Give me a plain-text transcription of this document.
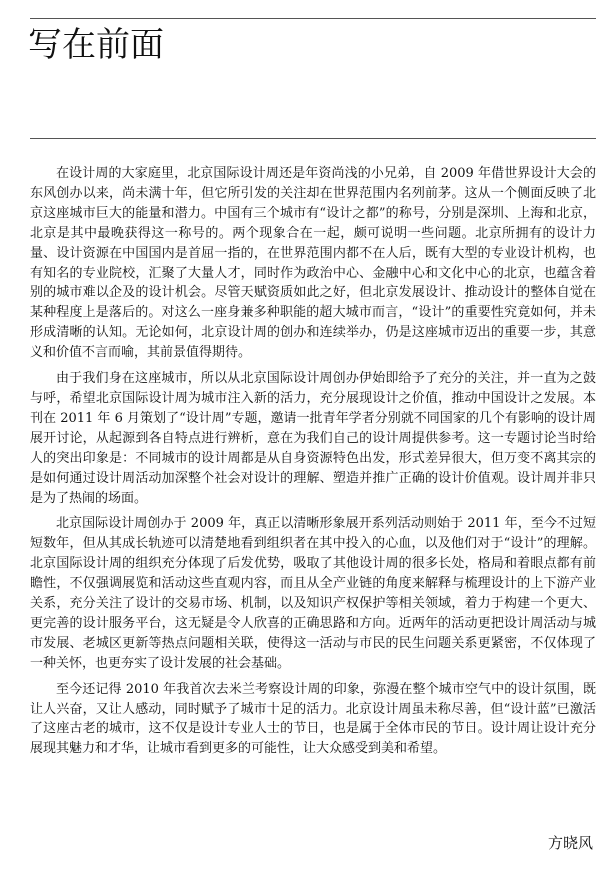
写在前面

在设计周的大家庭里，北京国际设计周还是年资尚浅的小兄弟，自 2009 年借世界设计大会的东风创办以来，尚未满十年，但它所引发的关注却在世界范围内名列前茅。这从一个侧面反映了北京这座城市巨大的能量和潜力。中国有三个城市有“设计之都”的称号，分别是深圳、上海和北京，北京是其中最晚获得这一称号的。两个现象合在一起，颇可说明一些问题。北京所拥有的设计力量、设计资源在中国国内是首屈一指的，在世界范围内都不在人后，既有大型的专业设计机构，也有知名的专业院校，汇聚了大量人才，同时作为政治中心、金融中心和文化中心的北京，也蕴含着别的城市难以企及的设计机会。尽管天赋资质如此之好，但北京发展设计、推动设计的整体自觉在某种程度上是落后的。对这么一座身兼多种职能的超大城市而言，“设计”的重要性究竟如何，并未形成清晰的认知。无论如何，北京设计周的创办和连续举办，仍是这座城市迈出的重要一步，其意义和价值不言而喻，其前景值得期待。

由于我们身在这座城市，所以从北京国际设计周创办伊始即给予了充分的关注，并一直为之鼓与呼，希望北京国际设计周为城市注入新的活力，充分展现设计之价值，推动中国设计之发展。本刊在 2011 年 6 月策划了“设计周”专题，邀请一批青年学者分别就不同国家的几个有影响的设计周展开讨论，从起源到各自特点进行辨析，意在为我们自己的设计周提供参考。这一专题讨论当时给人的突出印象是：不同城市的设计周都是从自身资源特色出发，形式差异很大，但万变不离其宗的是如何通过设计周活动加深整个社会对设计的理解、塑造并推广正确的设计价值观。设计周并非只是为了热闹的场面。

北京国际设计周创办于 2009 年，真正以清晰形象展开系列活动则始于 2011 年，至今不过短短数年，但从其成长轨迹可以清楚地看到组织者在其中投入的心血，以及他们对于“设计”的理解。北京国际设计周的组织充分体现了后发优势，吸取了其他设计周的很多长处，格局和着眼点都有前瞻性，不仅强调展览和活动这些直观内容，而且从全产业链的角度来解释与梳理设计的上下游产业关系，充分关注了设计的交易市场、机制，以及知识产权保护等相关领域，着力于构建一个更大、更完善的设计服务平台，这无疑是令人欣喜的正确思路和方向。近两年的活动更把设计周活动与城市发展、老城区更新等热点问题相关联，使得这一活动与市民的民生问题关系更紧密，不仅体现了一种关怀，也更夯实了设计发展的社会基础。

至今还记得 2010 年我首次去米兰考察设计周的印象，弥漫在整个城市空气中的设计氛围，既让人兴奋，又让人感动，同时赋予了城市十足的活力。北京设计周虽未称尽善，但“设计蓝”已激活了这座古老的城市，这不仅是设计专业人士的节日，也是属于全体市民的节日。设计周让设计充分展现其魅力和才华，让城市看到更多的可能性，让大众感受到美和希望。

方晓风
